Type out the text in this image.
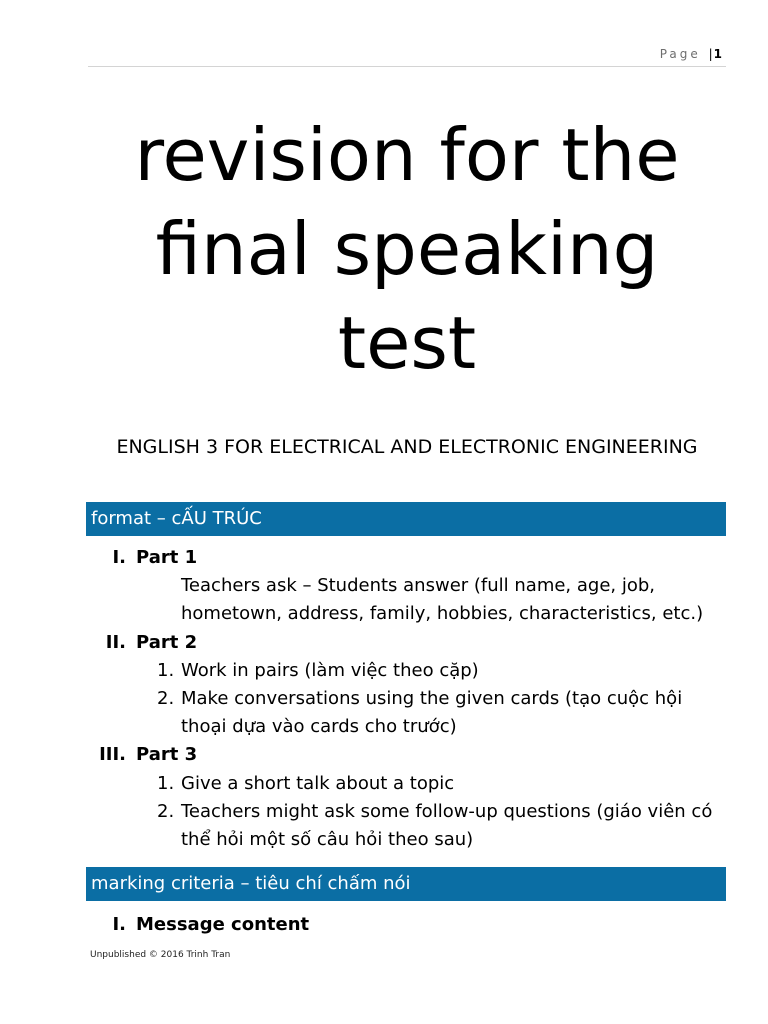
Page |1
revision for the final speaking test

ENGLISH 3 FOR ELECTRICAL AND ELECTRONIC ENGINEERING

format – cẤU TRÚC
I. Part 1
Teachers ask – Students answer (full name, age, job, hometown, address, family, hobbies, characteristics, etc.)
II. Part 2
1. Work in pairs (làm việc theo cặp)
2. Make conversations using the given cards (tạo cuộc hội thoại dựa vào cards cho trước)
III. Part 3
1. Give a short talk about a topic
2. Teachers might ask some follow-up questions (giáo viên có thể hỏi một số câu hỏi theo sau)
marking criteria – tiêu chí chấm nói
I. Message content
Unpublished © 2016 Trinh Tran
